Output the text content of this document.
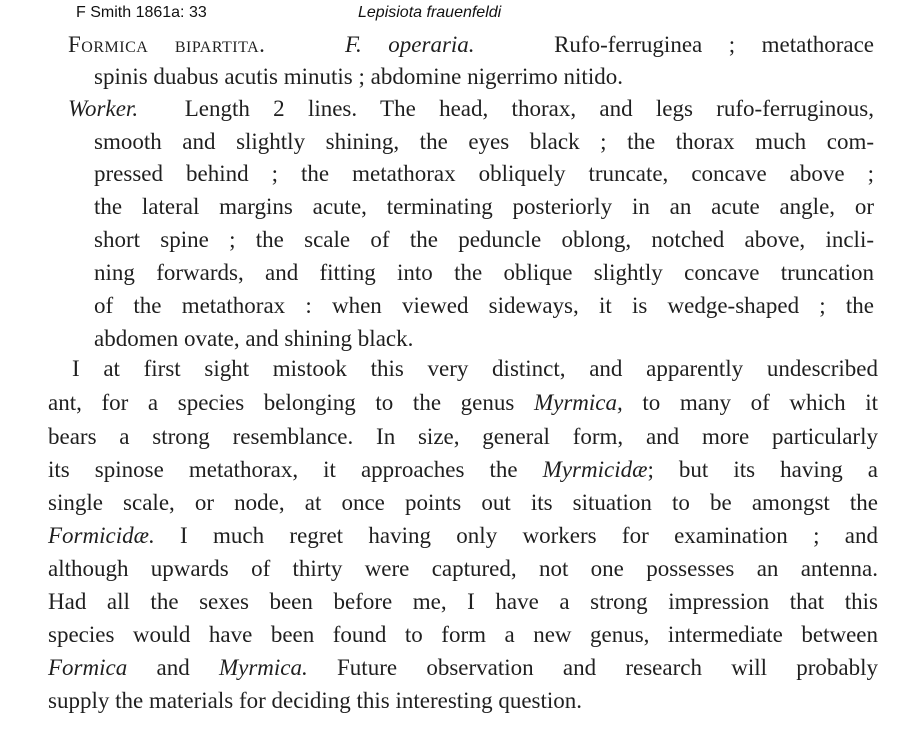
F Smith 1861a: 33	Lepisiota frauenfeldi
Formica bipartita.	F. operaria.	Rufo-ferruginea ; metathorace
spinis duabus acutis minutis ; abdomine nigerrimo nitido.
Worker. Length 2 lines. The head, thorax, and legs rufo-ferruginous,
smooth and slightly shining, the eyes black ; the thorax much com-
pressed behind ; the metathorax obliquely truncate, concave above ;
the lateral margins acute, terminating posteriorly in an acute angle, or
short spine ; the scale of the peduncle oblong, notched above, incli-
ning forwards, and fitting into the oblique slightly concave truncation
of the metathorax : when viewed sideways, it is wedge-shaped ; the
abdomen ovate, and shining black.
I at first sight mistook this very distinct, and apparently undescribed
ant, for a species belonging to the genus Myrmica, to many of which it
bears a strong resemblance. In size, general form, and more particularly
its spinose metathorax, it approaches the Myrmicidæ; but its having a
single scale, or node, at once points out its situation to be amongst the
Formicidæ. I much regret having only workers for examination ; and
although upwards of thirty were captured, not one possesses an antenna.
Had all the sexes been before me, I have a strong impression that this
species would have been found to form a new genus, intermediate between
Formica and Myrmica. Future observation and research will probably
supply the materials for deciding this interesting question.
